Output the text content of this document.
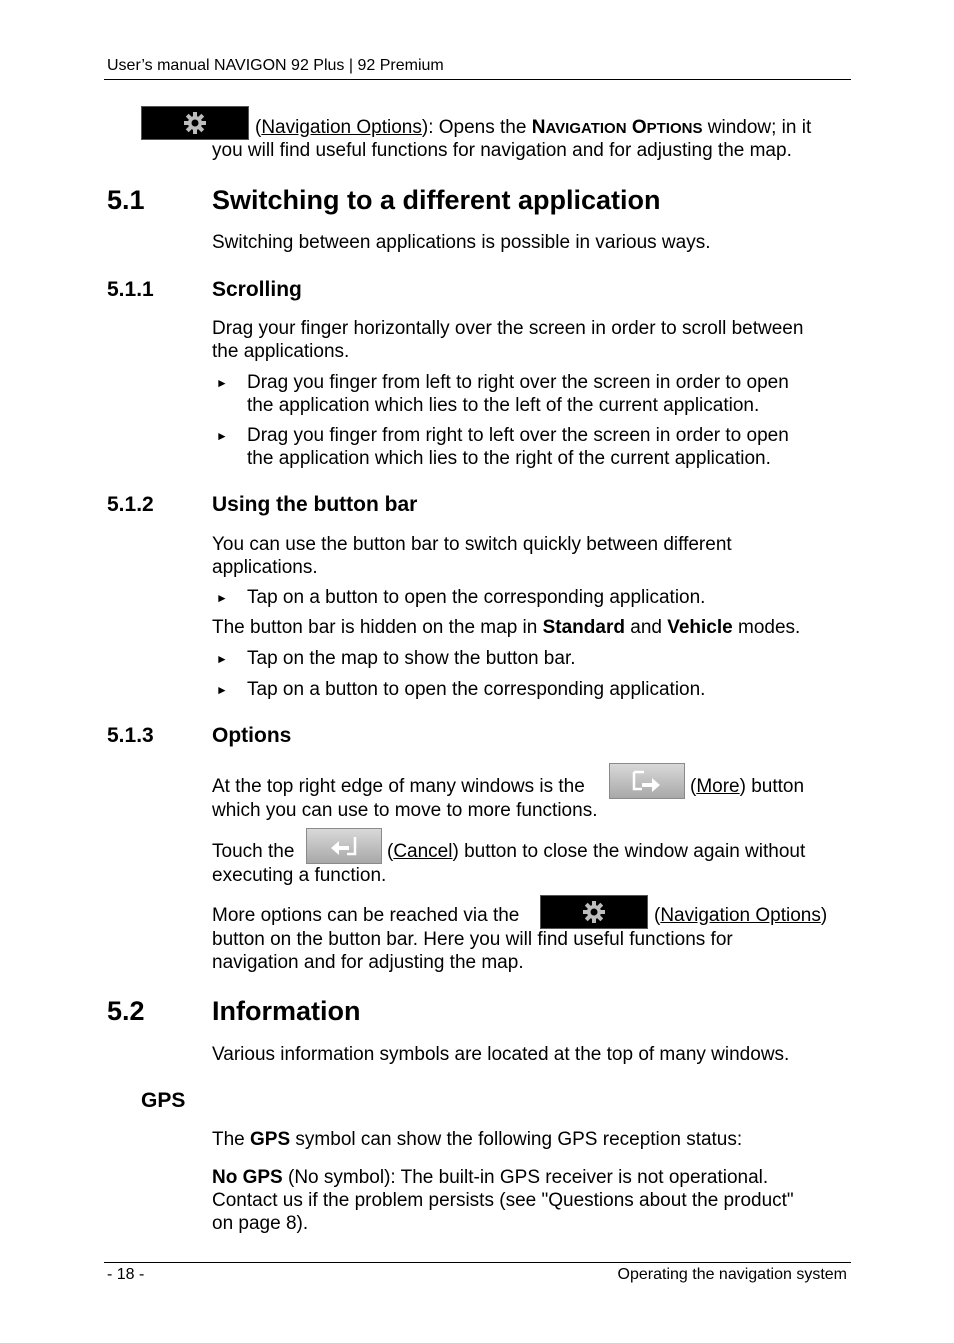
User’s manual NAVIGON 92 Plus | 92 Premium
(Navigation Options): Opens the NAVIGATION OPTIONS window; in it
you will find useful functions for navigation and for adjusting the map.
5.1 Switching to a different application
Switching between applications is possible in various ways.
5.1.1	Scrolling
Drag your finger horizontally over the screen in order to scroll between
the applications.
► Drag you finger from left to right over the screen in order to open
the application which lies to the left of the current application.
► Drag you finger from right to left over the screen in order to open
the application which lies to the right of the current application.
5.1.2	Using the button bar
You can use the button bar to switch quickly between different
applications.
► Tap on a button to open the corresponding application.
The button bar is hidden on the map in Standard and Vehicle modes.
► Tap on the map to show the button bar.
► Tap on a button to open the corresponding application.
5.1.3	Options
At the top right edge of many windows is the	(More) button
which you can use to move to more functions.
Touch the	(Cancel) button to close the window again without
executing a function.
More options can be reached via the	(Navigation Options)
button on the button bar. Here you will find useful functions for
navigation and for adjusting the map.
5.2 Information
Various information symbols are located at the top of many windows.
GPS
The GPS symbol can show the following GPS reception status:
No GPS (No symbol): The built-in GPS receiver is not operational.
Contact us if the problem persists (see "Questions about the product"
on page 8).
- 18 -	Operating the navigation system
